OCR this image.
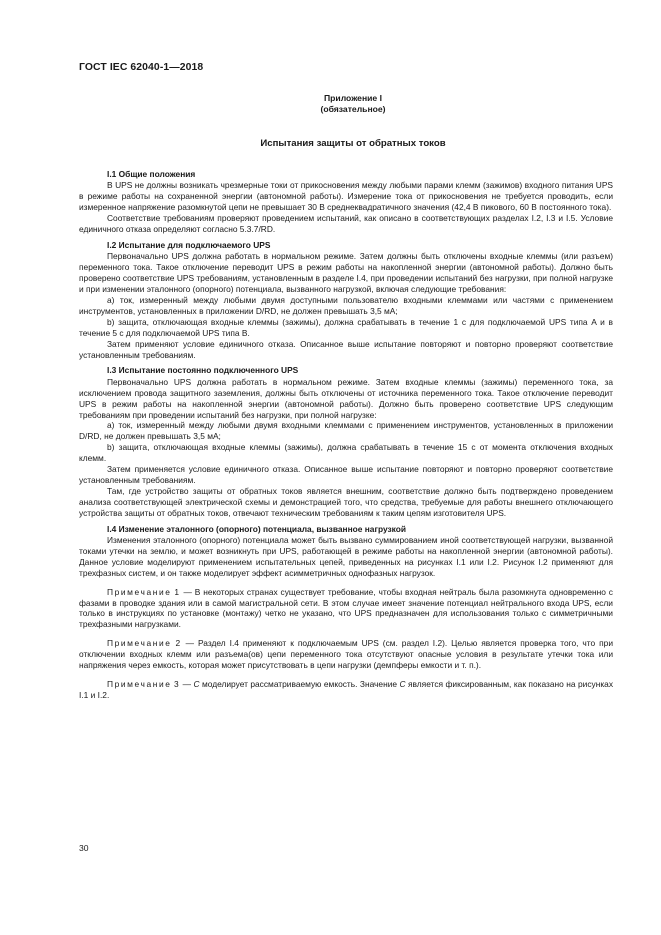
ГОСТ IEC 62040-1—2018
Приложение I
(обязательное)
Испытания защиты от обратных токов
I.1 Общие положения

В UPS не должны возникать чрезмерные токи от прикосновения между любыми парами клемм (зажимов) входного питания UPS в режиме работы на сохраненной энергии (автономной работы). Измерение тока от прикосновения не требуется проводить, если измеренное напряжение разомкнутой цепи не превышает 30 В среднеквадратичного значения (42,4 В пикового, 60 В постоянного тока).

Соответствие требованиям проверяют проведением испытаний, как описано в соответствующих разделах I.2, I.3 и I.5. Условие единичного отказа определяют согласно 5.3.7/RD.

I.2 Испытание для подключаемого UPS

Первоначально UPS должна работать в нормальном режиме. Затем должны быть отключены входные клеммы (или разъем) переменного тока. Такое отключение переводит UPS в режим работы на накопленной энергии (автономной работы). Должно быть проверено соответствие UPS требованиям, установленным в разделе I.4, при проведении испытаний без нагрузки, при полной нагрузке и при изменении эталонного (опорного) потенциала, вызванного нагрузкой, включая следующие требования:

a) ток, измеренный между любыми двумя доступными пользователю входными клеммами или частями с применением инструментов, установленных в приложении D/RD, не должен превышать 3,5 мА;

b) защита, отключающая входные клеммы (зажимы), должна срабатывать в течение 1 с для подключаемой UPS типа A и в течение 5 с для подключаемой UPS типа B.

Затем применяют условие единичного отказа. Описанное выше испытание повторяют и повторно проверяют соответствие установленным требованиям.

I.3 Испытание постоянно подключенного UPS

Первоначально UPS должна работать в нормальном режиме. Затем входные клеммы (зажимы) переменного тока, за исключением провода защитного заземления, должны быть отключены от источника переменного тока. Такое отключение переводит UPS в режим работы на накопленной энергии (автономной работы). Должно быть проверено соответствие UPS следующим требованиям при проведении испытаний без нагрузки, при полной нагрузке:

a) ток, измеренный между любыми двумя входными клеммами с применением инструментов, установленных в приложении D/RD, не должен превышать 3,5 мА;

b) защита, отключающая входные клеммы (зажимы), должна срабатывать в течение 15 с от момента отключения входных клемм.

Затем применяется условие единичного отказа. Описанное выше испытание повторяют и повторно проверяют соответствие установленным требованиям.

Там, где устройство защиты от обратных токов является внешним, соответствие должно быть подтверждено проведением анализа соответствующей электрической схемы и демонстрацией того, что средства, требуемые для работы внешнего отключающего устройства защиты от обратных токов, отвечают техническим требованиям к таким цепям изготовителя UPS.

I.4 Изменение эталонного (опорного) потенциала, вызванное нагрузкой

Изменения эталонного (опорного) потенциала может быть вызвано суммированием иной соответствующей нагрузки, вызванной токами утечки на землю, и может возникнуть при UPS, работающей в режиме работы на накопленной энергии (автономной работы). Данное условие моделируют применением испытательных цепей, приведенных на рисунках I.1 или I.2. Рисунок I.2 применяют для трехфазных систем, и он также моделирует эффект асимметричных однофазных нагрузок.

Примечание 1 — В некоторых странах существует требование, чтобы входная нейтраль была разомкнута одновременно с фазами в проводке здания или в самой магистральной сети. В этом случае имеет значение потенциал нейтрального входа UPS, если только в инструкциях по установке (монтажу) четко не указано, что UPS предназначен для использования только с симметричными трехфазными нагрузками.
Примечание 2 — Раздел I.4 применяют к подключаемым UPS (см. раздел I.2). Целью является проверка того, что при отключении входных клемм или разъема(ов) цепи переменного тока отсутствуют опасные условия в результате утечки тока или напряжения через емкость, которая может присутствовать в цепи нагрузки (демпферы емкости и т. п.).
Примечание 3 — C моделирует рассматриваемую емкость. Значение C является фиксированным, как показано на рисунках I.1 и I.2.
30
